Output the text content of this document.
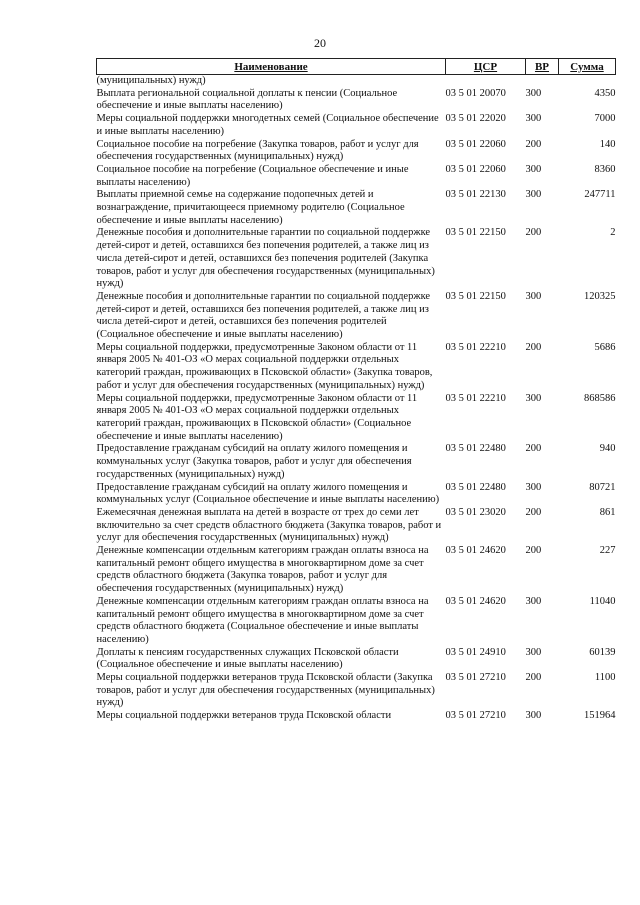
20
Наименование	ЦСР	ВР	Сумма
(муниципальных) нужд)			
Выплата региональной социальной доплаты к пенсии (Социальное обеспечение и иные выплаты населению)	03 5 01 20070	300	4350
Меры социальной поддержки многодетных семей (Социальное обеспечение и иные выплаты населению)	03 5 01 22020	300	7000
Социальное пособие на погребение (Закупка товаров, работ и услуг для обеспечения государственных (муниципальных) нужд)	03 5 01 22060	200	140
Социальное пособие на погребение (Социальное обеспечение и иные выплаты населению)	03 5 01 22060	300	8360
Выплаты приемной семье на содержание подопечных детей и вознаграждение, причитающееся приемному родителю (Социальное обеспечение и иные выплаты населению)	03 5 01 22130	300	247711
Денежные пособия и дополнительные гарантии по социальной поддержке детей-сирот и детей, оставшихся без попечения родителей, а также лиц из числа детей-сирот и детей, оставшихся без попечения родителей (Закупка товаров, работ и услуг для обеспечения государственных (муниципальных) нужд)	03 5 01 22150	200	2
Денежные пособия и дополнительные гарантии по социальной поддержке детей-сирот и детей, оставшихся без попечения родителей, а также лиц из числа детей-сирот и детей, оставшихся без попечения родителей (Социальное обеспечение и иные выплаты населению)	03 5 01 22150	300	120325
Меры социальной поддержки, предусмотренные Законом области от 11 января 2005 № 401-ОЗ «О мерах социальной поддержки отдельных категорий граждан, проживающих в Псковской области» (Закупка товаров, работ и услуг для обеспечения государственных (муниципальных) нужд)	03 5 01 22210	200	5686
Меры социальной поддержки, предусмотренные Законом области от 11 января 2005 № 401-ОЗ «О мерах социальной поддержки отдельных категорий граждан, проживающих в Псковской области» (Социальное обеспечение и иные выплаты населению)	03 5 01 22210	300	868586
Предоставление гражданам субсидий на оплату жилого помещения и коммунальных услуг (Закупка товаров, работ и услуг для обеспечения государственных (муниципальных) нужд)	03 5 01 22480	200	940
Предоставление гражданам субсидий на оплату жилого помещения и коммунальных услуг (Социальное обеспечение и иные выплаты населению)	03 5 01 22480	300	80721
Ежемесячная денежная выплата на детей в возрасте от трех до семи лет включительно за счет средств областного бюджета (Закупка товаров, работ и услуг для обеспечения государственных (муниципальных) нужд)	03 5 01 23020	200	861
Денежные компенсации отдельным категориям граждан оплаты взноса на капитальный ремонт общего имущества в многоквартирном доме за счет средств областного бюджета (Закупка товаров, работ и услуг для обеспечения государственных (муниципальных) нужд)	03 5 01 24620	200	227
Денежные компенсации отдельным категориям граждан оплаты взноса на капитальный ремонт общего имущества в многоквартирном доме за счет средств областного бюджета (Социальное обеспечение и иные выплаты населению)	03 5 01 24620	300	11040
Доплаты к пенсиям государственных служащих Псковской области (Социальное обеспечение и иные выплаты населению)	03 5 01 24910	300	60139
Меры социальной поддержки ветеранов труда Псковской области (Закупка товаров, работ и услуг для обеспечения государственных (муниципальных) нужд)	03 5 01 27210	200	1100
Меры социальной поддержки ветеранов труда Псковской области	03 5 01 27210	300	151964
